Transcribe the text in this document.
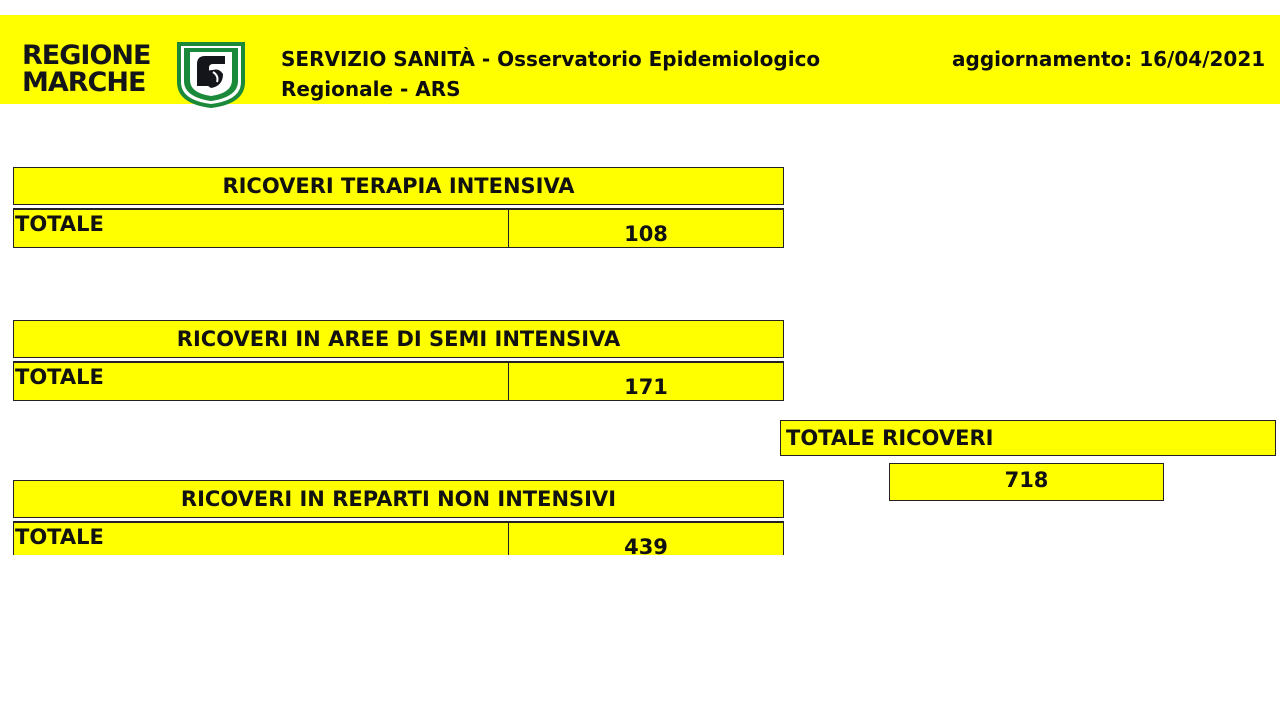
REGIONE
MARCHE
SERVIZIO SANITÀ - Osservatorio Epidemiologico
Regionale - ARS
aggiornamento: 16/04/2021
RICOVERI TERAPIA INTENSIVA
TOTALE	108
RICOVERI IN AREE DI SEMI INTENSIVA
TOTALE	171
RICOVERI IN REPARTI NON INTENSIVI
TOTALE	439
TOTALE RICOVERI
718
